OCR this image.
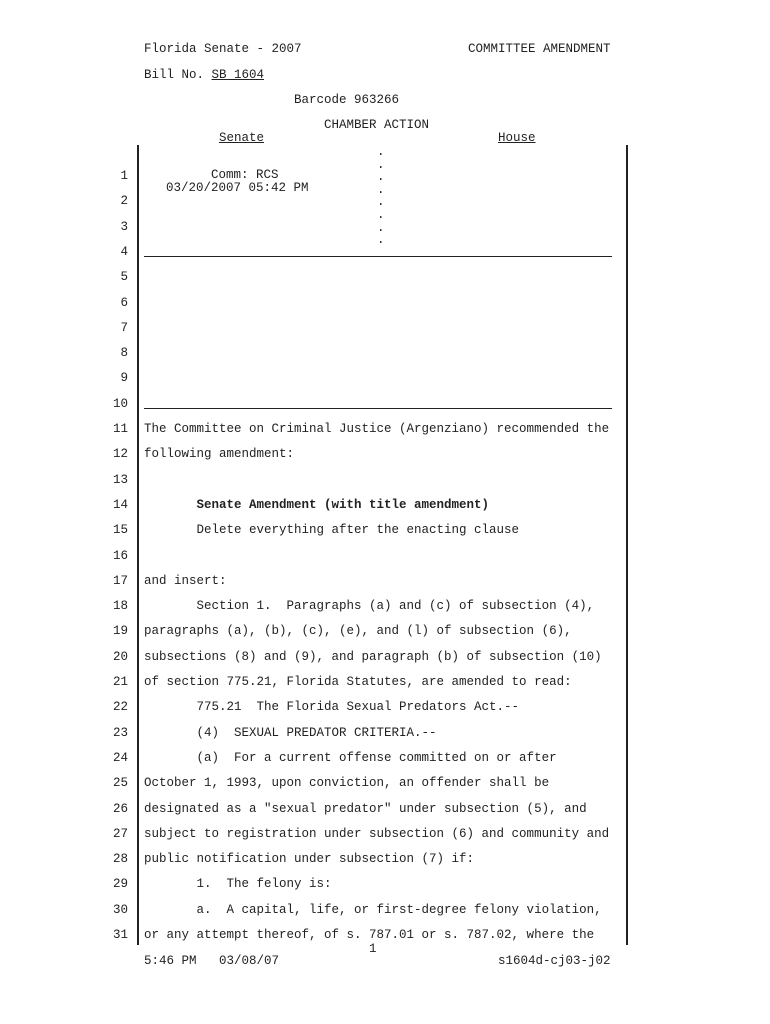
Florida Senate - 2007	COMMITTEE AMENDMENT
Bill No. SB 1604
Barcode 963266
CHAMBER ACTION
Senate	House
Comm: RCS
03/20/2007 05:42 PM
.
.
.
.
.
.
.
.
1
2
3
4
5
6
7
8
9
10
11 The Committee on Criminal Justice (Argenziano) recommended the
12 following amendment:
13
14 Senate Amendment (with title amendment)
15 Delete everything after the enacting clause
16
17 and insert:
18 Section 1.  Paragraphs (a) and (c) of subsection (4),
19 paragraphs (a), (b), (c), (e), and (l) of subsection (6),
20 subsections (8) and (9), and paragraph (b) of subsection (10)
21 of section 775.21, Florida Statutes, are amended to read:
22 775.21  The Florida Sexual Predators Act.--
23 (4)  SEXUAL PREDATOR CRITERIA.--
24 (a)  For a current offense committed on or after
25 October 1, 1993, upon conviction, an offender shall be
26 designated as a "sexual predator" under subsection (5), and
27 subject to registration under subsection (6) and community and
28 public notification under subsection (7) if:
29 1.  The felony is:
30 a.  A capital, life, or first-degree felony violation,
31 or any attempt thereof, of s. 787.01 or s. 787.02, where the
1
5:46 PM   03/08/07	s1604d-cj03-j02
